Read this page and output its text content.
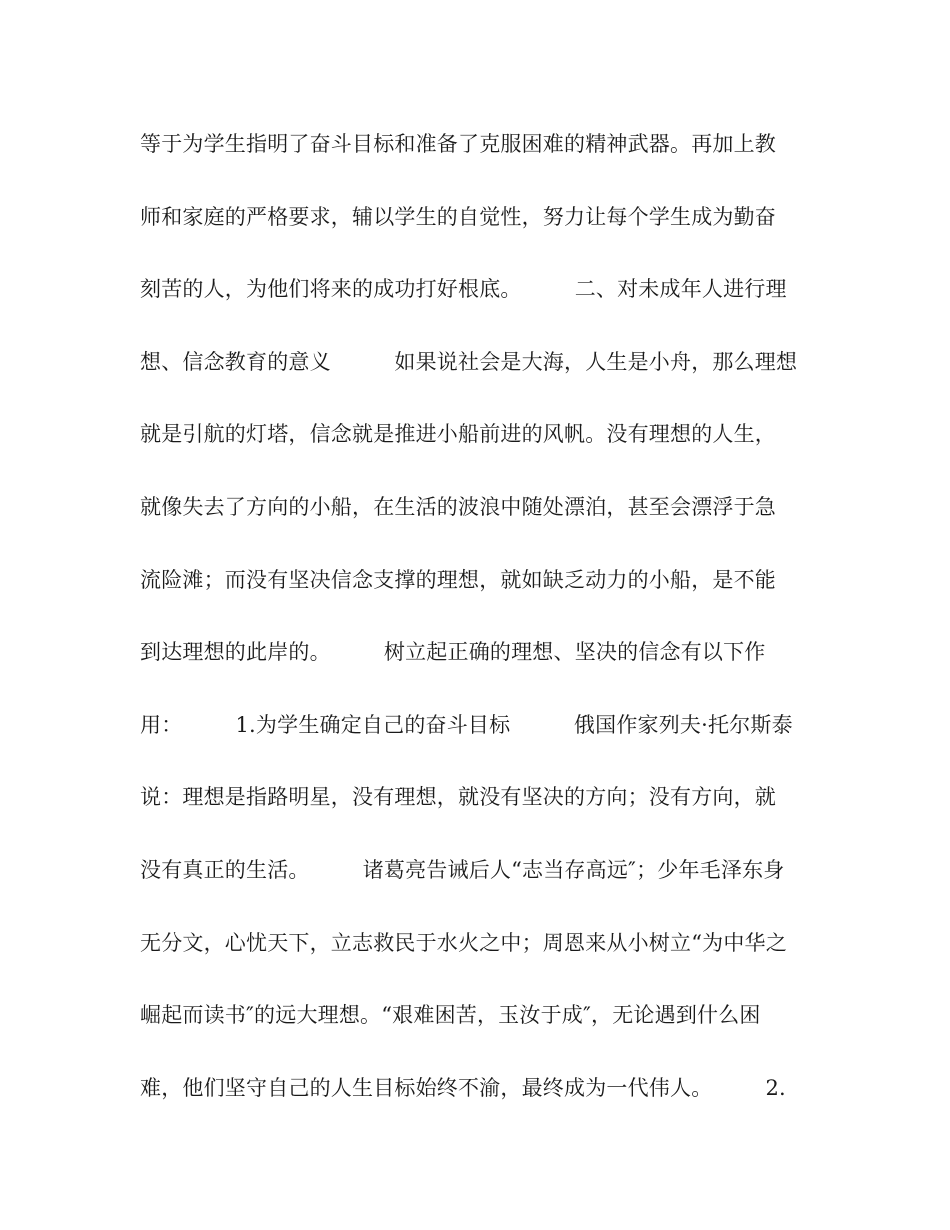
等于为学生指明了奋斗目标和准备了克服困难的精神武器。再加上教
师和家庭的严格要求，辅以学生的自觉性，努力让每个学生成为勤奋
刻苦的人，为他们将来的成功打好根底。　　　二、对未成年人进行理
想、信念教育的意义　　　如果说社会是大海，人生是小舟，那么理想
就是引航的灯塔，信念就是推进小船前进的风帆。没有理想的人生，
就像失去了方向的小船，在生活的波浪中随处漂泊，甚至会漂浮于急
流险滩；而没有坚决信念支撑的理想，就如缺乏动力的小船，是不能
到达理想的此岸的。　　　树立起正确的理想、坚决的信念有以下作
用：　　　1.为学生确定自己的奋斗目标　　　俄国作家列夫·托尔斯泰
说：理想是指路明星，没有理想，就没有坚决的方向；没有方向，就
没有真正的生活。　　　诸葛亮告诫后人“志当存高远″；少年毛泽东身
无分文，心忧天下，立志救民于水火之中；周恩来从小树立“为中华之
崛起而读书″的远大理想。“艰难困苦，玉汝于成″，无论遇到什么困
难，他们坚守自己的人生目标始终不渝，最终成为一代伟人。　　　2.
